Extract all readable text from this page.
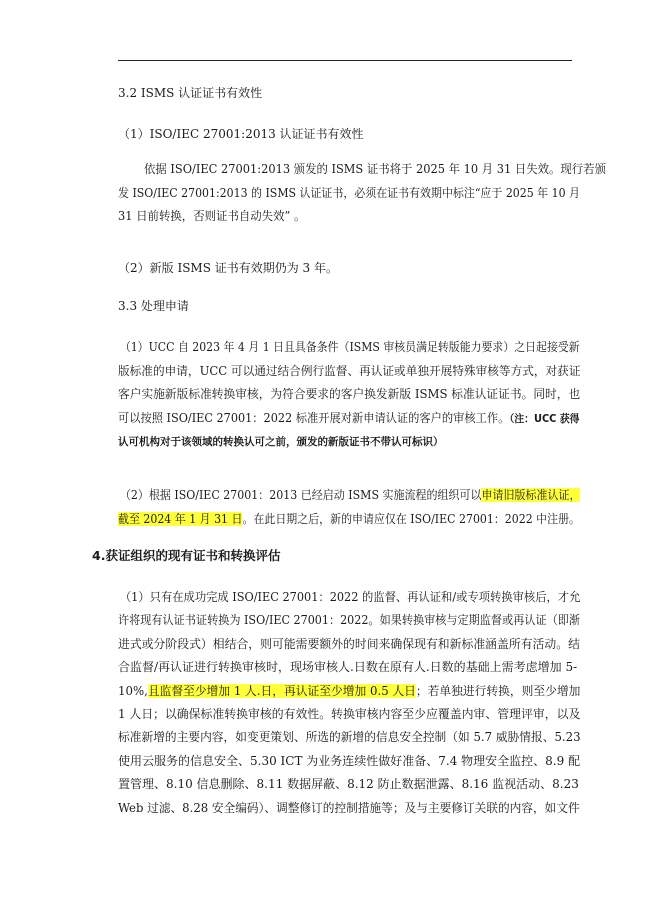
3.2 ISMS 认证证书有效性
（1）ISO/IEC 27001:2013 认证证书有效性

依据 ISO/IEC 27001:2013 颁发的 ISMS 证书将于 2025 年 10 月 31 日失效。现行若颁

发 ISO/IEC 27001:2013 的 ISMS 认证证书，必须在证书有效期中标注“应于 2025 年 10 月

31 日前转换，否则证书自动失效” 。

（2）新版 ISMS 证书有效期仍为 3 年。
3.3 处理申请

（1）UCC 自 2023 年 4 月 1 日且具备条件（ISMS 审核员满足转版能力要求）之日起接受新

版标准的申请，UCC 可以通过结合例行监督、再认证或单独开展特殊审核等方式，对获证

客户实施新版标准转换审核，为符合要求的客户换发新版 ISMS 标准认证证书。同时，也

可以按照 ISO/IEC 27001：2022 标准开展对新申请认证的客户的审核工作。（注：UCC 获得

认可机构对于该领域的转换认可之前，颁发的新版证书不带认可标识）

（2）根据 ISO/IEC 27001：2013 已经启动 ISMS 实施流程的组织可以申请旧版标准认证，

截至 2024 年 1 月 31 日。在此日期之后，新的申请应仅在 ISO/IEC 27001：2022 中注册。

4.获证组织的现有证书和转换评估

（1）只有在成功完成 ISO/IEC 27001：2022 的监督、再认证和/或专项转换审核后，才允

许将现有认证书证转换为 ISO/IEC 27001：2022。如果转换审核与定期监督或再认证（即渐

进式或分阶段式）相结合，则可能需要额外的时间来确保现有和新标准涵盖所有活动。结

合监督/再认证进行转换审核时，现场审核人.日数在原有人.日数的基础上需考虑增加 5-

10%,且监督至少增加 1 人.日，再认证至少增加 0.5 人日；若单独进行转换，则至少增加

1 人日；以确保标准转换审核的有效性。转换审核内容至少应覆盖内审、管理评审，以及

标准新增的主要内容，如变更策划、所选的新增的信息安全控制（如 5.7 威胁情报、5.23

使用云服务的信息安全、5.30 ICT 为业务连续性做好准备、7.4 物理安全监控、8.9 配

置管理、8.10 信息删除、8.11 数据屏蔽、8.12 防止数据泄露、8.16 监视活动、8.23

Web 过滤、8.28 安全编码）、调整修订的控制措施等；及与主要修订关联的内容，如文件
